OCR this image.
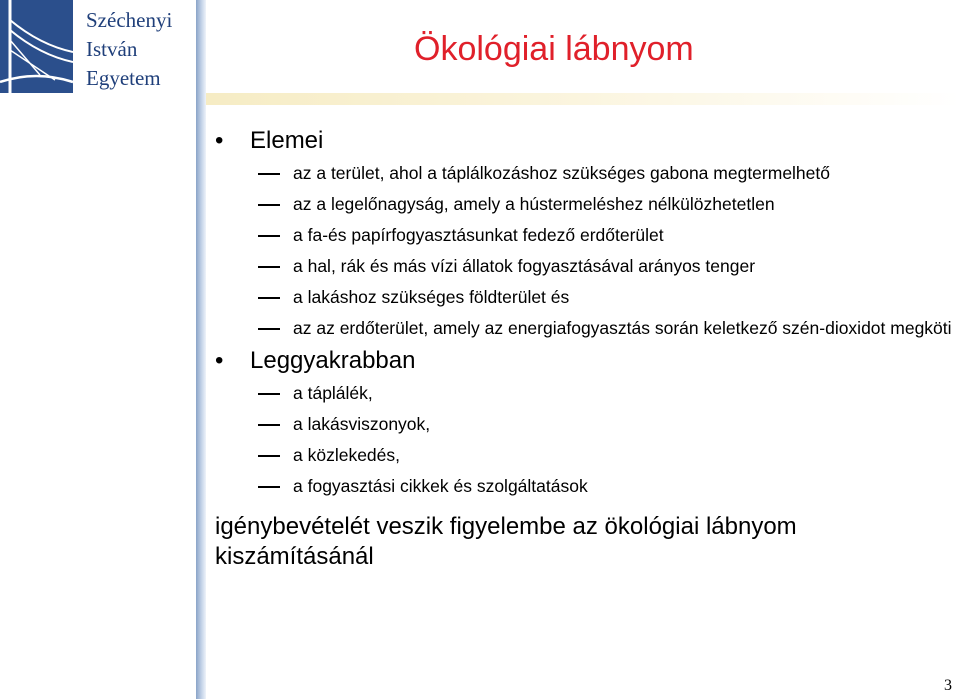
Széchenyi
István
Egyetem
Ökológiai lábnyom
• Elemei
az a terület, ahol a táplálkozáshoz szükséges gabona megtermelhető
az a legelőnagyság, amely a hústermeléshez nélkülözhetetlen
a fa-és papírfogyasztásunkat fedező erdőterület
a hal, rák és más vízi állatok fogyasztásával arányos tenger
a lakáshoz szükséges földterület és
az az erdőterület, amely az energiafogyasztás során keletkező szén-dioxidot megköti
• Leggyakrabban
a táplálék,
a lakásviszonyok,
a közlekedés,
a fogyasztási cikkek és szolgáltatások
igénybevételét veszik figyelembe az ökológiai lábnyom kiszámításánál
3
